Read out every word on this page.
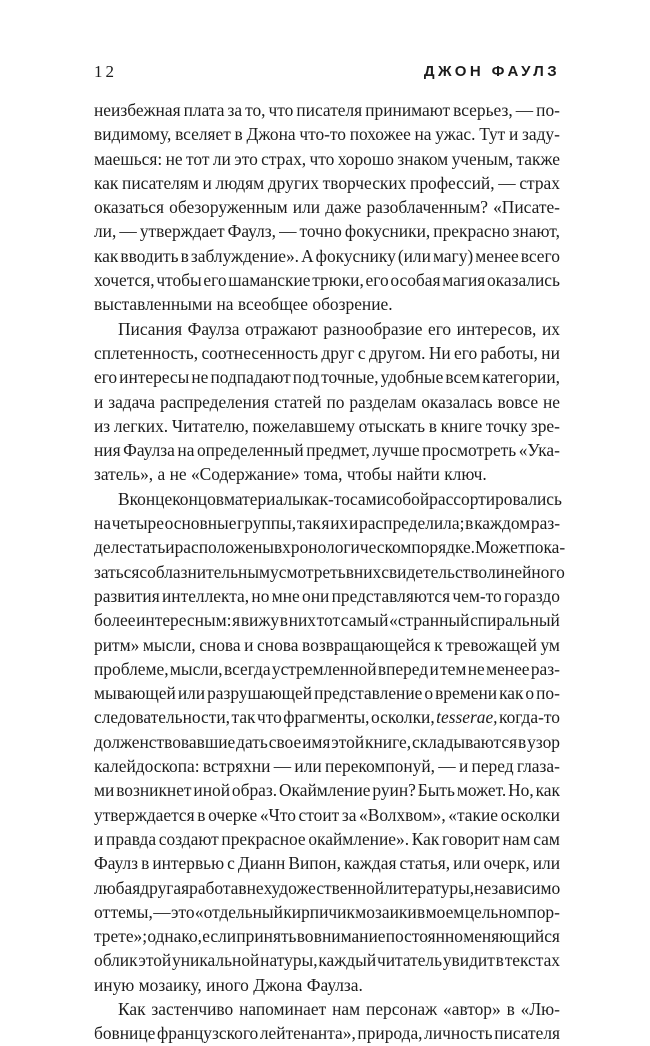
12	ДЖОН ФАУЛЗ
неизбежная плата за то, что писателя принимают всерьез, — по-
видимому, вселяет в Джона что-то похожее на ужас. Тут и заду-
маешься: не тот ли это страх, что хорошо знаком ученым, также
как писателям и людям других творческих профессий, — страх
оказаться обезоруженным или даже разоблаченным? «Писате-
ли, — утверждает Фаулз, — точно фокусники, прекрасно знают,
как вводить в заблуждение». А фокуснику (или магу) менее всего
хочется, чтобы его шаманские трюки, его особая магия оказались
выставленными
на
всеобщее
обозрение.
Писания Фаулза отражают разнообразие его интересов, их
сплетенность, соотнесенность друг с другом. Ни его работы, ни
его интересы не подпадают под точные, удобные всем категории,
и задача распределения статей по разделам оказалась вовсе не
из легких. Читателю, пожелавшему отыскать в книге точку зре-
ния Фаулза на определенный предмет, лучше просмотреть «Ука-
затель»,
а
не
«Содержание»
тома,
чтобы
найти
ключ.
В конце концов материалы как-то сами собой рассортировались
на четыре основные группы, так я их и распределила; в каждом раз-
деле статьи расположены в хронологическом порядке. Может пока-
заться соблазнительным усмотреть в них свидетельство линейного
развития интеллекта, но мне они представляются чем-то гораздо
более интересным: я вижу в них тот самый «странный спиральный
ритм» мысли, снова и снова возвращающейся к тревожащей ум
проблеме, мысли, всегда устремленной вперед и тем не менее раз-
мывающей или разрушающей представление о времени как о по-
следовательности, так что фрагменты, осколки, tesserae, когда-то
долженствовавшие дать свое имя этой книге, складываются в узор
калейдоскопа: встряхни — или перекомпонуй, — и перед глаза-
ми возникнет иной образ. Окаймление руин? Быть может. Но, как
утверждается в очерке «Что стоит за «Волхвом», «такие осколки
и правда создают прекрасное окаймление». Как говорит нам сам
Фаулз в интервью с Дианн Випон, каждая статья, или очерк, или
любая другая работа вне художественной литературы, независимо
от темы, — это «отдельный кирпичик мозаики в моем цельном пор-
трете»; однако, если принять во внимание постоянно меняющийся
облик этой уникальной натуры, каждый читатель увидит в текстах
иную
мозаику,
иного
Джона
Фаулза.
Как застенчиво напоминает нам персонаж «автор» в «Лю-
бовнице французского лейтенанта», природа, личность писателя
